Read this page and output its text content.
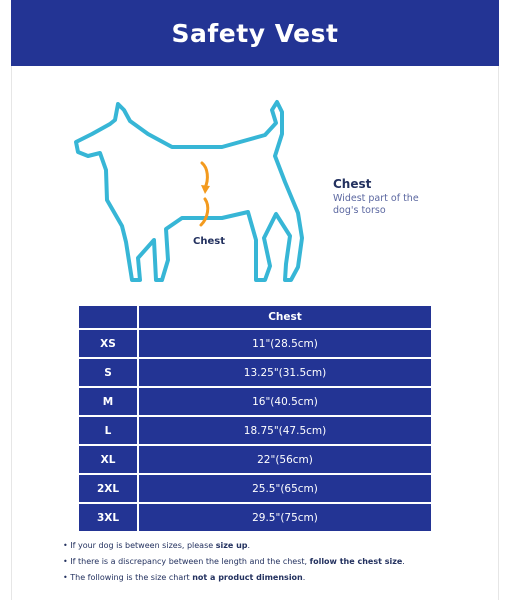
Safety Vest
Chest
Chest
Widest part of the dog's torso
	Chest
XS	11"(28.5cm)
S	13.25"(31.5cm)
M	16"(40.5cm)
L	18.75"(47.5cm)
XL	22"(56cm)
2XL	25.5"(65cm)
3XL	29.5"(75cm)
• If your dog is between sizes, please size up.
• If there is a discrepancy between the length and the chest, follow the chest size.
• The following is the size chart not a product dimension.
